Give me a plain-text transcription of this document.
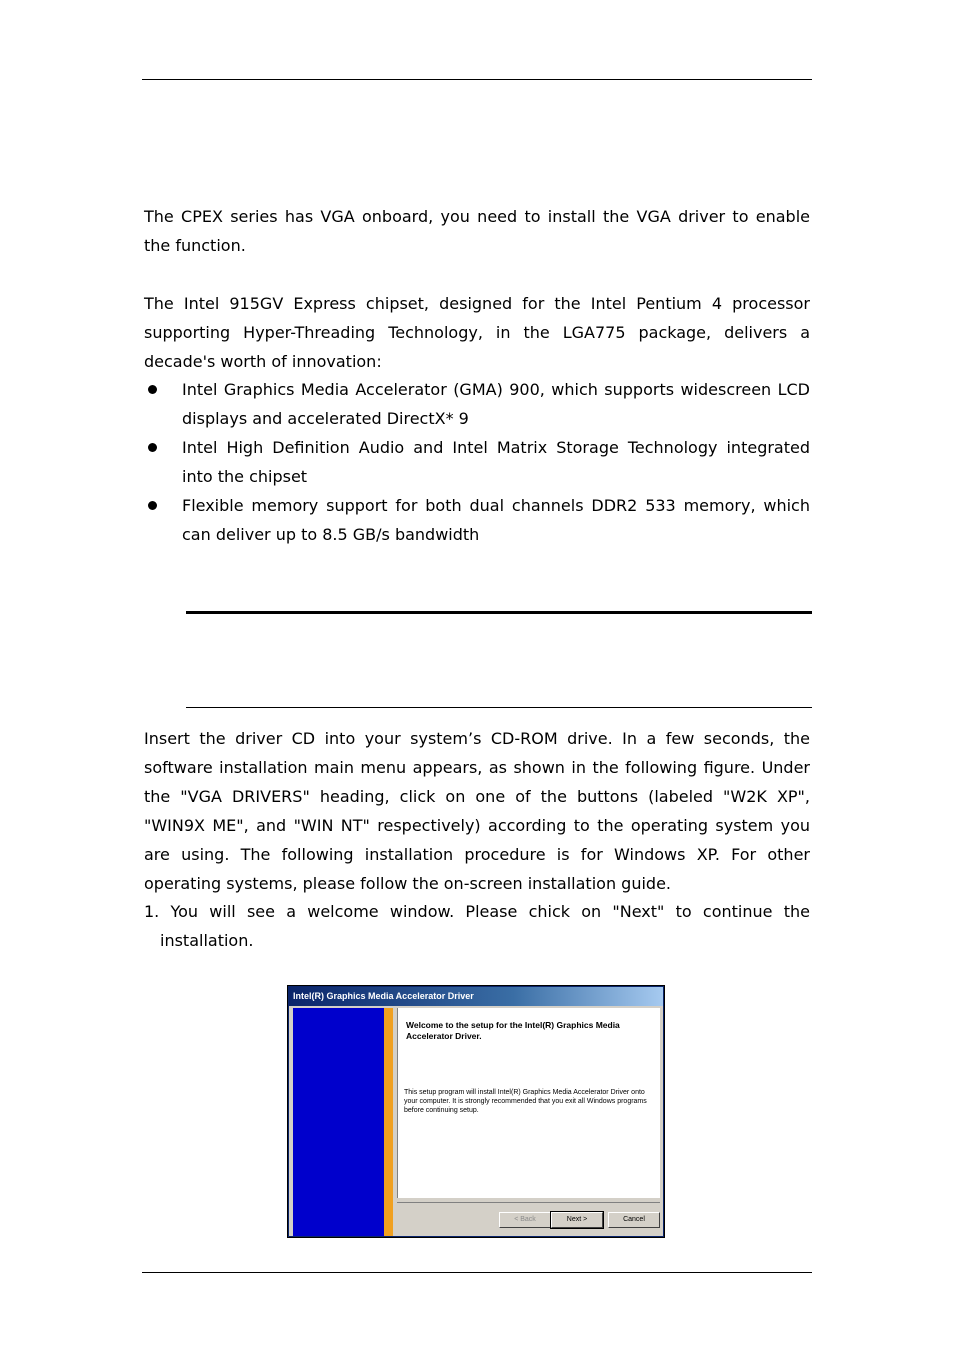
The CPEX series has VGA onboard, you need to install the VGA driver to enable the function.

The Intel 915GV Express chipset, designed for the Intel Pentium 4 processor supporting Hyper-Threading Technology, in the LGA775 package, delivers a decade's worth of innovation:

Intel Graphics Media Accelerator (GMA) 900, which supports widescreen LCD displays and accelerated DirectX* 9
Intel High Definition Audio and Intel Matrix Storage Technology integrated into the chipset
Flexible memory support for both dual channels DDR2 533 memory, which can deliver up to 8.5 GB/s bandwidth

Insert the driver CD into your system’s CD-ROM drive. In a few seconds, the software installation main menu appears, as shown in the following figure. Under the "VGA DRIVERS" heading, click on one of the buttons (labeled "W2K XP", "WIN9X ME", and "WIN NT" respectively) according to the operating system you are using. The following installation procedure is for Windows XP. For other operating systems, please follow the on-screen installation guide.

1. You will see a welcome window. Please chick on "Next" to continue the
installation.
Intel(R) Graphics Media Accelerator Driver
Welcome to the setup for the Intel(R) Graphics Media Accelerator Driver.
This setup program will install Intel(R) Graphics Media Accelerator Driver onto your computer. It is strongly recommended that you exit all Windows programs before continuing setup.
< Back	Next >	Cancel
